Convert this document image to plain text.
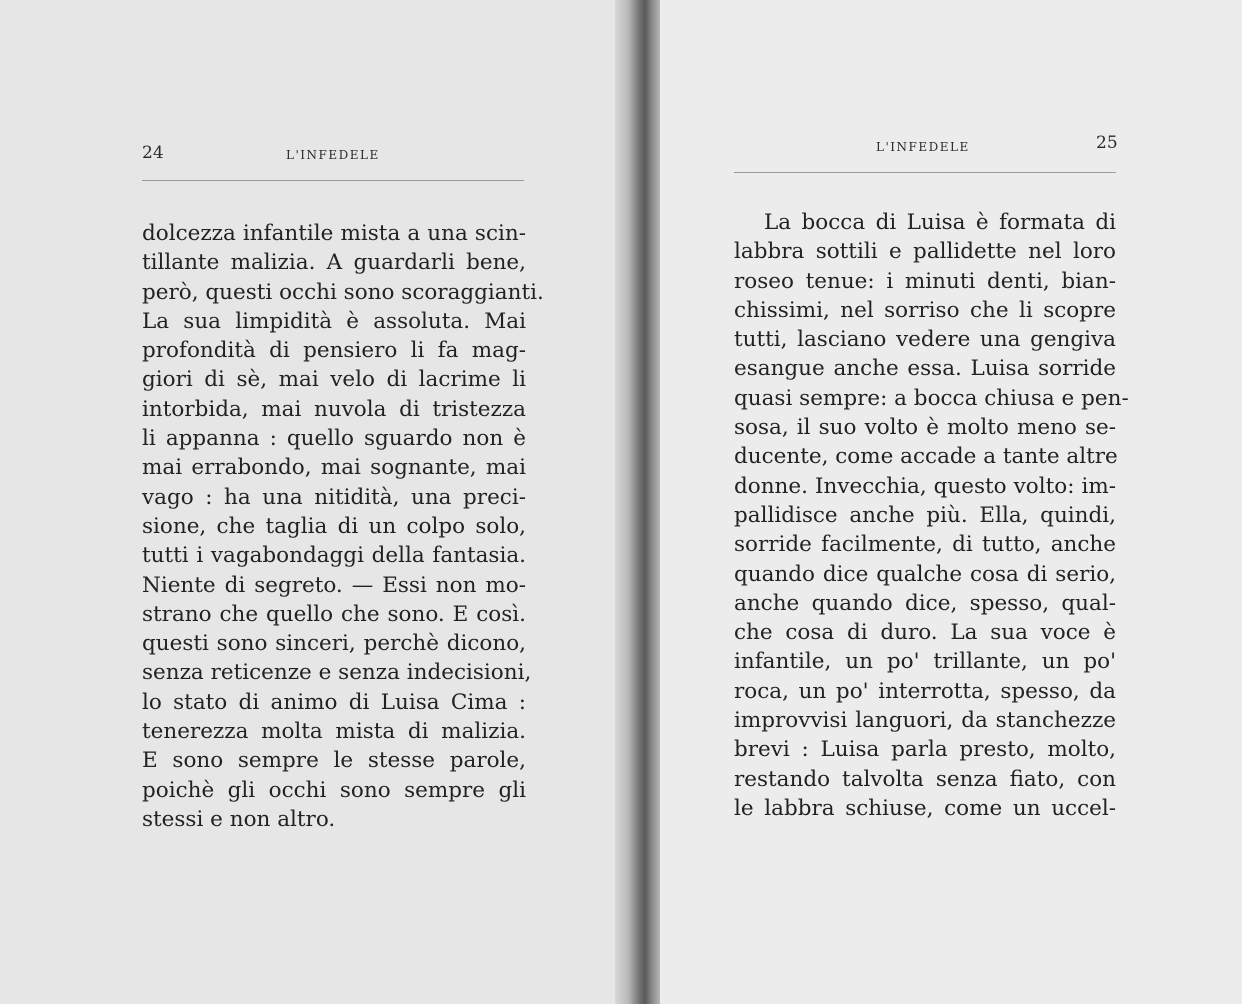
24	L'INFEDELE
dolcezza infantile mista a una scin-
tillante malizia. A guardarli bene,
però, questi occhi sono scoraggianti.
La sua limpidità è assoluta. Mai
profondità di pensiero li fa mag-
giori di sè, mai velo di lacrime li
intorbida, mai nuvola di tristezza
li appanna : quello sguardo non è
mai errabondo, mai sognante, mai
vago : ha una nitidità, una preci-
sione, che taglia di un colpo solo,
tutti i vagabondaggi della fantasia.
Niente di segreto. — Essi non mo-
strano che quello che sono. E così.
questi sono sinceri, perchè dicono,
senza reticenze e senza indecisioni,
lo stato di animo di Luisa Cima :
tenerezza molta mista di malizia.
E sono sempre le stesse parole,
poichè gli occhi sono sempre gli
stessi e non altro.
L'INFEDELE	25
La bocca di Luisa è formata di
labbra sottili e pallidette nel loro
roseo tenue: i minuti denti, bian-
chissimi, nel sorriso che li scopre
tutti, lasciano vedere una gengiva
esangue anche essa. Luisa sorride
quasi sempre: a bocca chiusa e pen-
sosa, il suo volto è molto meno se-
ducente, come accade a tante altre
donne. Invecchia, questo volto: im-
pallidisce anche più. Ella, quindi,
sorride facilmente, di tutto, anche
quando dice qualche cosa di serio,
anche quando dice, spesso, qual-
che cosa di duro. La sua voce è
infantile, un po' trillante, un po'
roca, un po' interrotta, spesso, da
improvvisi languori, da stanchezze
brevi : Luisa parla presto, molto,
restando talvolta senza fiato, con
le labbra schiuse, come un uccel-
